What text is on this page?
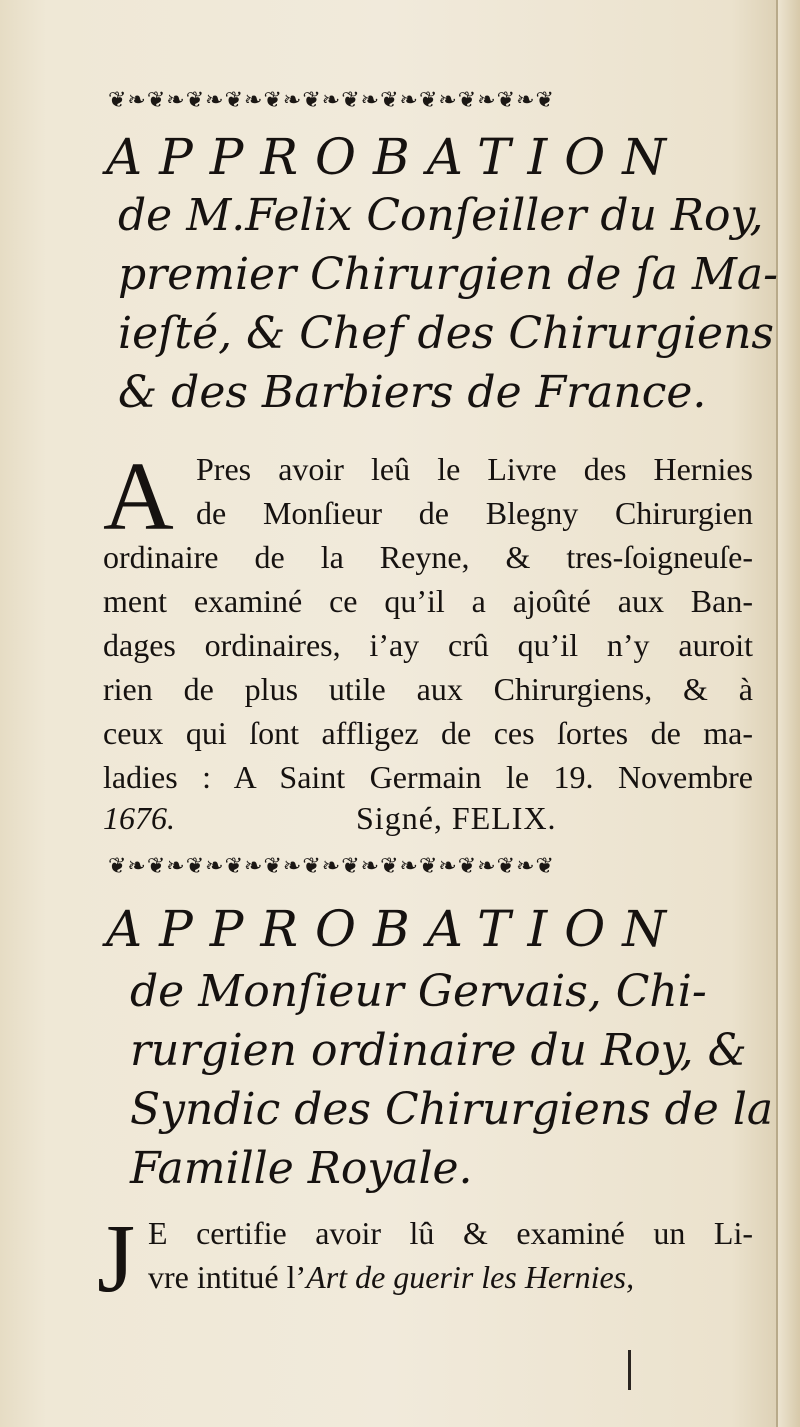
❦❧❦❧❦❧❦❧❦❧❦❧❦❧❦❧❦❧❦❧❦❧❦
APPROBATION
de M.Felix Conſeiller du Roy,
premier Chirurgien de ſa Ma-
ieſté, & Chef des Chirurgiens
& des Barbiers de France.
A Pres avoir leû le Livre des Hernies
de Monſieur de Blegny Chirurgien
ordinaire de la Reyne, & tres-ſoigneuſe-
ment examiné ce qu’il a ajoûté aux Ban-
dages ordinaires, i’ay crû qu’il n’y auroit
rien de plus utile aux Chirurgiens, & à
ceux qui ſont affligez de ces ſortes de ma-
ladies : A Saint Germain le 19. Novembre
1676.	Signé, FELIX.
❦❧❦❧❦❧❦❧❦❧❦❧❦❧❦❧❦❧❦❧❦❧❦
APPROBATION
de Monſieur Gervais, Chi-
rurgien ordinaire du Roy, &
Syndic des Chirurgiens de la
Famille Royale.
J E certifie avoir lû & examiné un Li-
vre intitué l’Art de guerir les Hernies,
